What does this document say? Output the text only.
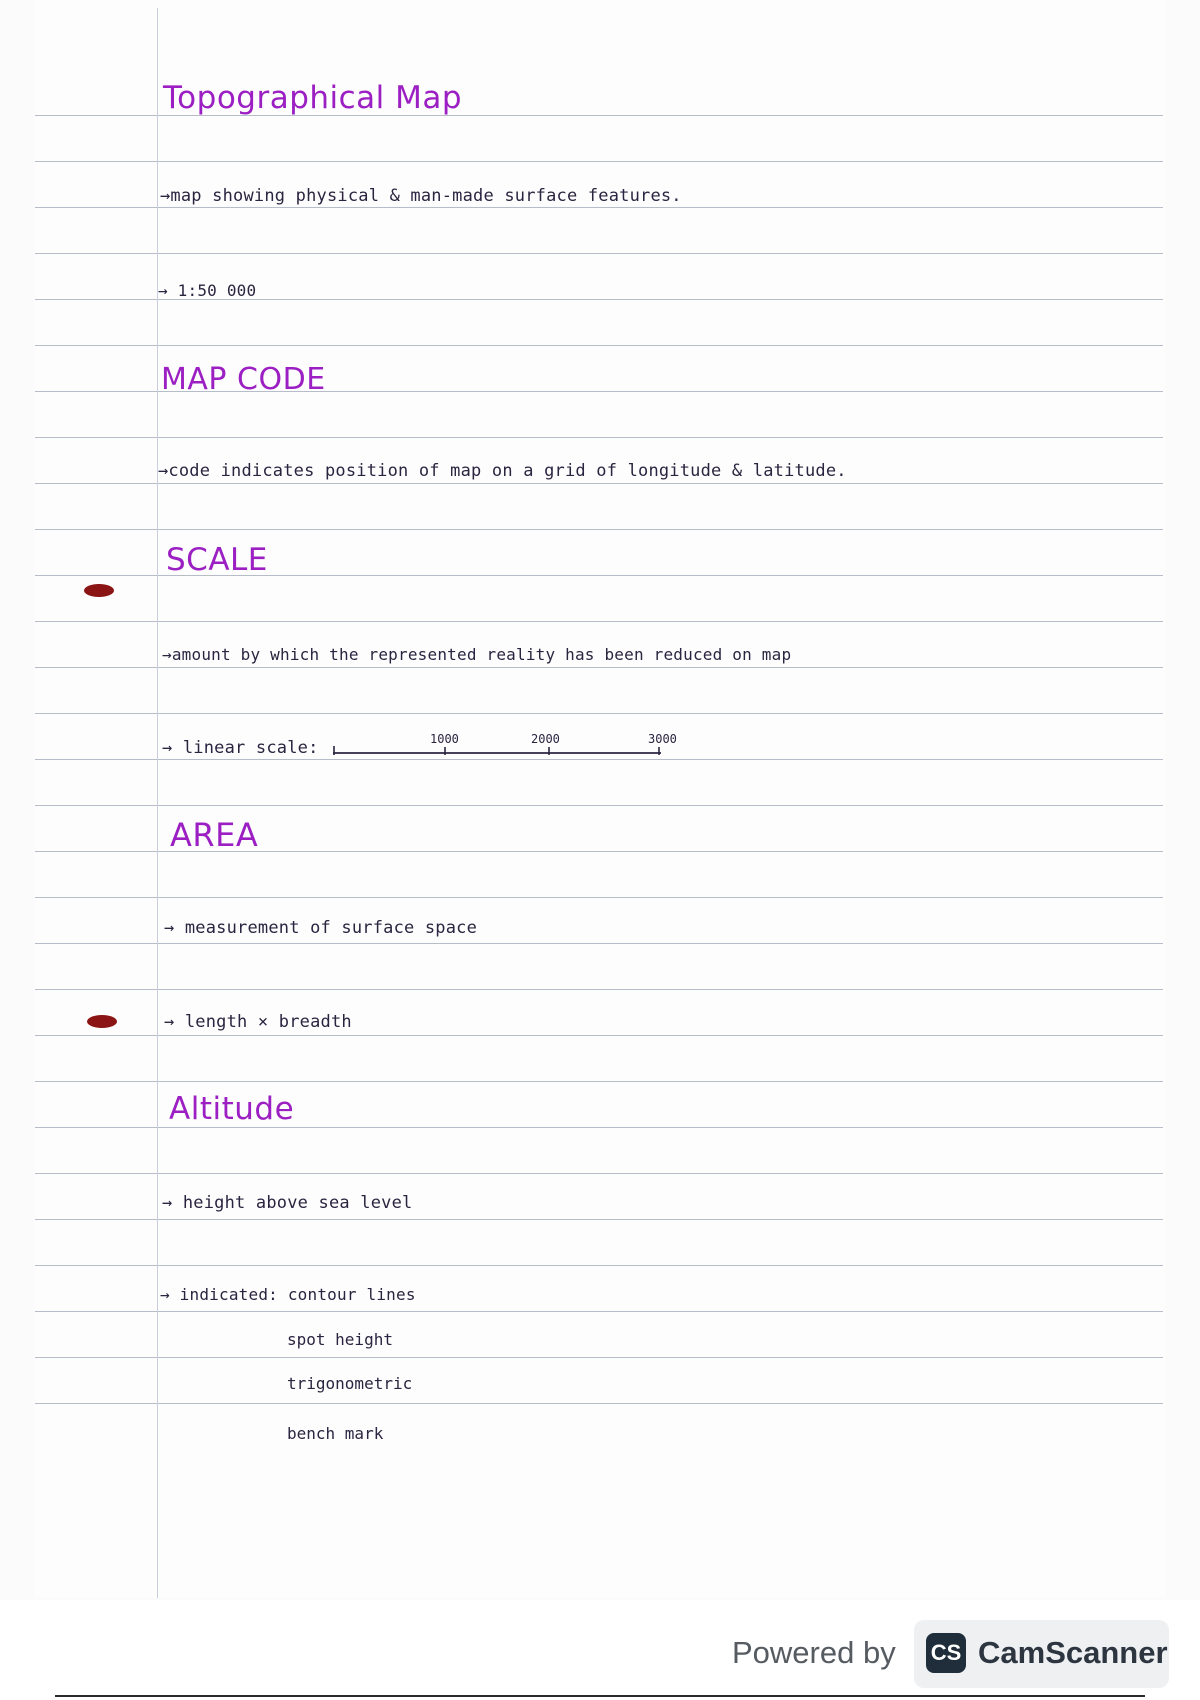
Topographical Map
→map showing physical & man-made surface features.
→ 1:50 000
MAP CODE
→code indicates position of map on a grid of longitude & latitude.
SCALE
→amount by which the represented reality has been reduced on map
→ linear scale:	1000	2000	3000
AREA
→ measurement of surface space
→ length × breadth
Altitude
→ height above sea level
→ indicated: contour lines
spot height
trigonometric
bench mark
Powered by CS CamScanner
